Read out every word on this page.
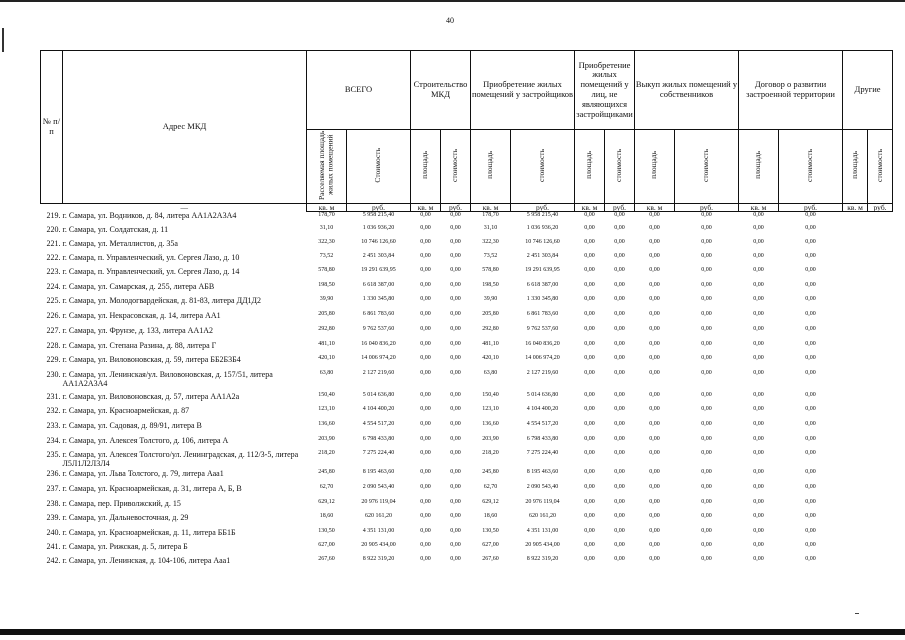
40
№ п/п	Адрес МКД	ВСЕГО		Строительство МКД		Приобретение жилых помещений у застройщиков		Приобретение жилых помещений у лиц, не являющихся застройщиками		Выкуп жилых помещений у собственников		Договор о развитии застроенной территории		Другие	
		Расселяемая площадь жилых помещений	Стоимость	площадь	стоимость	площадь	стоимость	площадь	стоимость	площадь	стоимость	площадь	стоимость	площадь	стоимость
	—	кв. м	руб.	кв. м	руб.	кв. м	руб.	кв. м	руб.	кв. м	руб.	кв. м	руб.	кв. м	руб.
219.	г. Самара, ул. Водников, д. 84, литера АА1А2А3А4	178,70	5 958 215,40	0,00	0,00	178,70	5 958 215,40	0,00	0,00	0,00	0,00	0,00	0,00		
220.	г. Самара, ул. Солдатская, д. 11	31,10	1 036 936,20	0,00	0,00	31,10	1 036 936,20	0,00	0,00	0,00	0,00	0,00	0,00		
221.	г. Самара, ул. Металлистов, д. 35а	322,30	10 746 126,60	0,00	0,00	322,30	10 746 126,60	0,00	0,00	0,00	0,00	0,00	0,00		
222.	г. Самара, п. Управленческий, ул. Сергея Лазо, д. 10	73,52	2 451 303,84	0,00	0,00	73,52	2 451 303,84	0,00	0,00	0,00	0,00	0,00	0,00		
223.	г. Самара, п. Управленческий, ул. Сергея Лазо, д. 14	578,80	19 291 639,95	0,00	0,00	578,80	19 291 639,95	0,00	0,00	0,00	0,00	0,00	0,00		
224.	г. Самара, ул. Самарская, д. 255, литера АБВ	198,50	6 618 387,00	0,00	0,00	198,50	6 618 387,00	0,00	0,00	0,00	0,00	0,00	0,00		
225.	г. Самара, ул. Молодогвардейская, д. 81-83, литера ДД1Д2	39,90	1 330 345,80	0,00	0,00	39,90	1 330 345,80	0,00	0,00	0,00	0,00	0,00	0,00		
226.	г. Самара, ул. Некрасовская, д. 14, литера АА1	205,80	6 861 783,60	0,00	0,00	205,80	6 861 783,60	0,00	0,00	0,00	0,00	0,00	0,00		
227.	г. Самара, ул. Фрунзе, д. 133, литера АА1А2	292,80	9 762 537,60	0,00	0,00	292,80	9 762 537,60	0,00	0,00	0,00	0,00	0,00	0,00		
228.	г. Самара, ул. Степана Разина, д. 88, литера Г	481,10	16 040 836,20	0,00	0,00	481,10	16 040 836,20	0,00	0,00	0,00	0,00	0,00	0,00		
229.	г. Самара, ул. Виловоновская, д. 59, литера ББ2Б3Б4	420,10	14 006 974,20	0,00	0,00	420,10	14 006 974,20	0,00	0,00	0,00	0,00	0,00	0,00		
230.	г. Самара, ул. Ленинская/ул. Виловоновская, д. 157/51, литера АА1А2А3А4	63,80	2 127 219,60	0,00	0,00	63,80	2 127 219,60	0,00	0,00	0,00	0,00	0,00	0,00		
231.	г. Самара, ул. Виловоновская, д. 57, литера АА1А2а	150,40	5 014 636,80	0,00	0,00	150,40	5 014 636,80	0,00	0,00	0,00	0,00	0,00	0,00		
232.	г. Самара, ул. Красноармейская, д. 87	123,10	4 104 400,20	0,00	0,00	123,10	4 104 400,20	0,00	0,00	0,00	0,00	0,00	0,00		
233.	г. Самара, ул. Садовая, д. 89/91, литера В	136,60	4 554 517,20	0,00	0,00	136,60	4 554 517,20	0,00	0,00	0,00	0,00	0,00	0,00		
234.	г. Самара, ул. Алексея Толстого, д. 106, литера А	203,90	6 798 433,80	0,00	0,00	203,90	6 798 433,80	0,00	0,00	0,00	0,00	0,00	0,00		
235.	г. Самара, ул. Алексея Толстого/ул. Ленинградская, д. 112/3-5, литера Л5Л1Л2Л3Л4	218,20	7 275 224,40	0,00	0,00	218,20	7 275 224,40	0,00	0,00	0,00	0,00	0,00	0,00		
236.	г. Самара, ул. Льва Толстого, д. 79, литера Ааа1	245,80	8 195 463,60	0,00	0,00	245,80	8 195 463,60	0,00	0,00	0,00	0,00	0,00	0,00		
237.	г. Самара, ул. Красноармейская, д. 31, литера А, Б, В	62,70	2 090 543,40	0,00	0,00	62,70	2 090 543,40	0,00	0,00	0,00	0,00	0,00	0,00		
238.	г. Самара, пер. Приволжский, д. 15	629,12	20 976 119,04	0,00	0,00	629,12	20 976 119,04	0,00	0,00	0,00	0,00	0,00	0,00		
239.	г. Самара, ул. Дальневосточная, д. 29	18,60	620 161,20	0,00	0,00	18,60	620 161,20	0,00	0,00	0,00	0,00	0,00	0,00		
240.	г. Самара, ул. Красноармейская, д. 11, литера ББ1Б	130,50	4 351 131,00	0,00	0,00	130,50	4 351 131,00	0,00	0,00	0,00	0,00	0,00	0,00		
241.	г. Самара, ул. Рижская, д. 5, литера Б	627,00	20 905 434,00	0,00	0,00	627,00	20 905 434,00	0,00	0,00	0,00	0,00	0,00	0,00		
242.	г. Самара, ул. Ленинская, д. 104-106, литера Ааа1	267,60	8 922 319,20	0,00	0,00	267,60	8 922 319,20	0,00	0,00	0,00	0,00	0,00	0,00		
